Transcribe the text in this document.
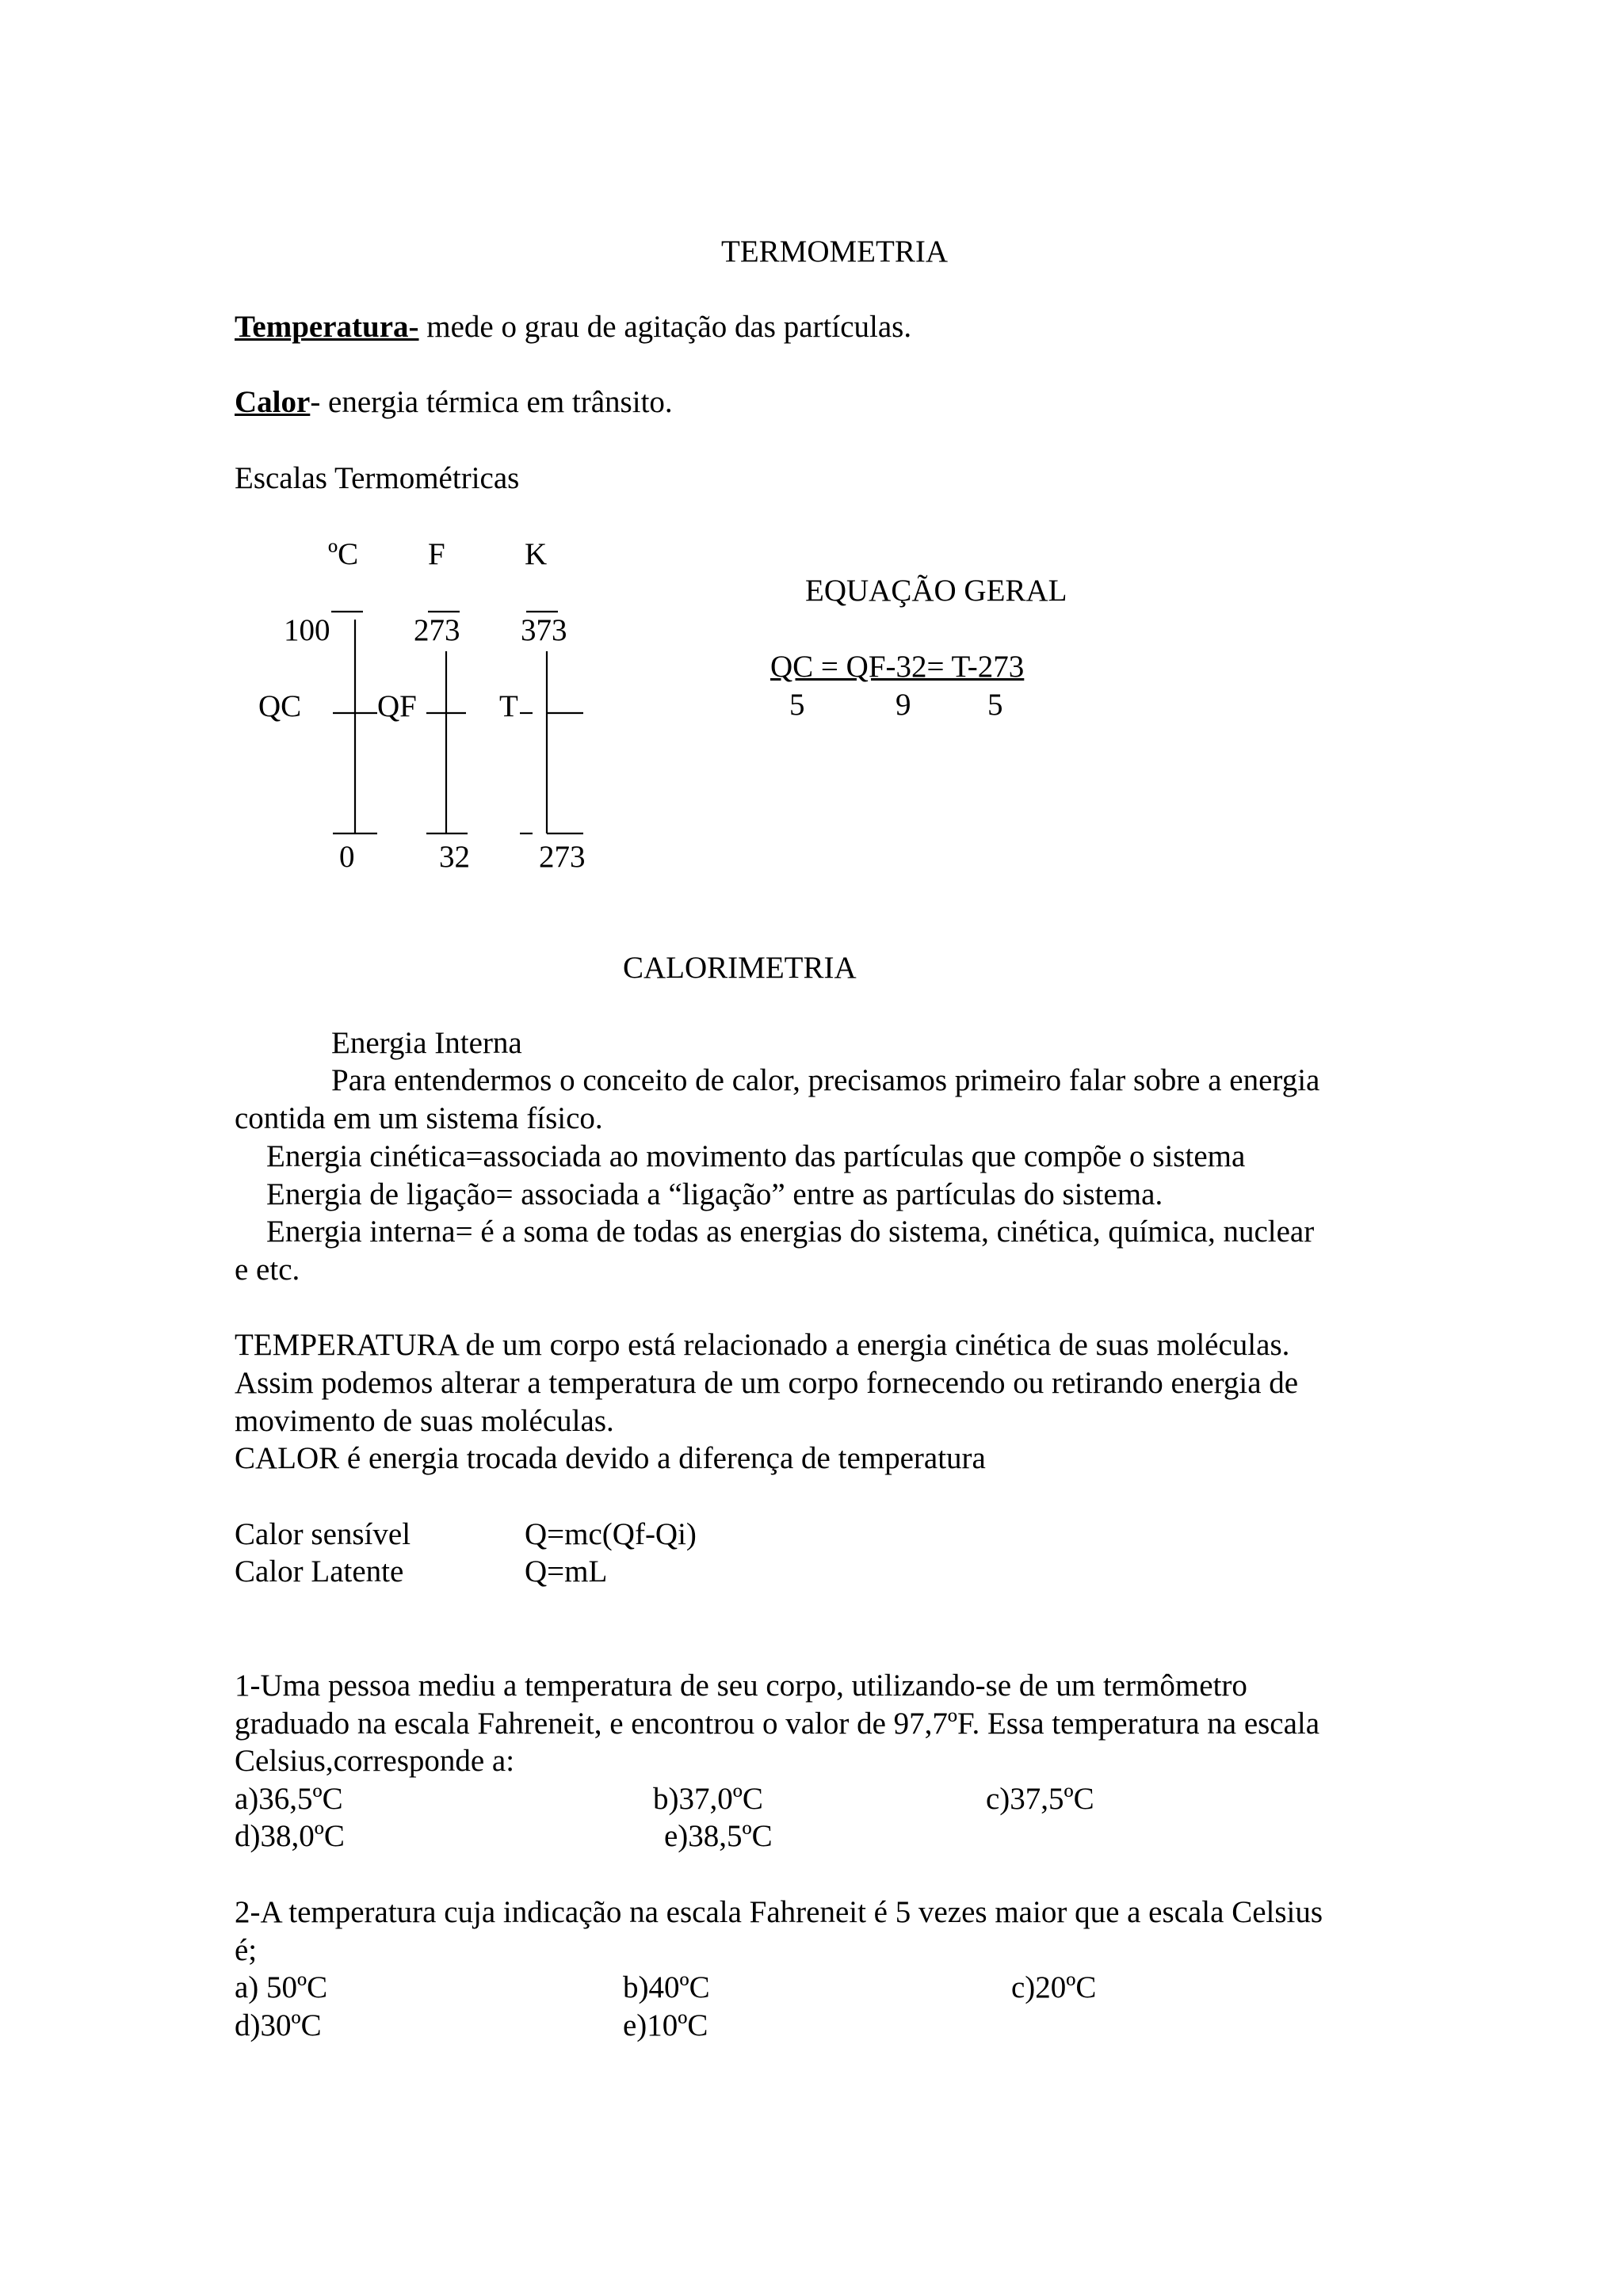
TERMOMETRIA
Temperatura- mede o grau de agitação das partículas.
Calor- energia térmica em trânsito.
Escalas Termométricas
ºC F	K
100	273 373
QC QF	T
0	32 273
EQUAÇÃO GERAL
QC = QF-32= T-273
5	9 5
CALORIMETRIA
Energia Interna
Para entendermos o conceito de calor, precisamos primeiro falar sobre a energia
contida em um sistema físico.
Energia cinética=associada ao movimento das partículas que compõe o sistema
Energia de ligação= associada a “ligação” entre as partículas do sistema.
Energia interna= é a soma de todas as energias do sistema, cinética, química, nuclear
e etc.
TEMPERATURA de um corpo está relacionado a energia cinética de suas moléculas.
Assim podemos alterar a temperatura de um corpo fornecendo ou retirando energia de
movimento de suas moléculas.
CALOR é energia trocada devido a diferença de temperatura
Calor sensível	Q=mc(Qf-Qi)
Calor Latente	Q=mL
1-Uma pessoa mediu a temperatura de seu corpo, utilizando-se de um termômetro
graduado na escala Fahreneit, e encontrou o valor de 97,7ºF. Essa temperatura na escala
Celsius,corresponde a:
a)36,5ºC	b)37,0ºC	c)37,5ºC
d)38,0ºC	e)38,5ºC
2-A temperatura cuja indicação na escala Fahreneit é 5 vezes maior que a escala Celsius
é;
a) 50ºC	b)40ºC	c)20ºC
d)30ºC	e)10ºC
